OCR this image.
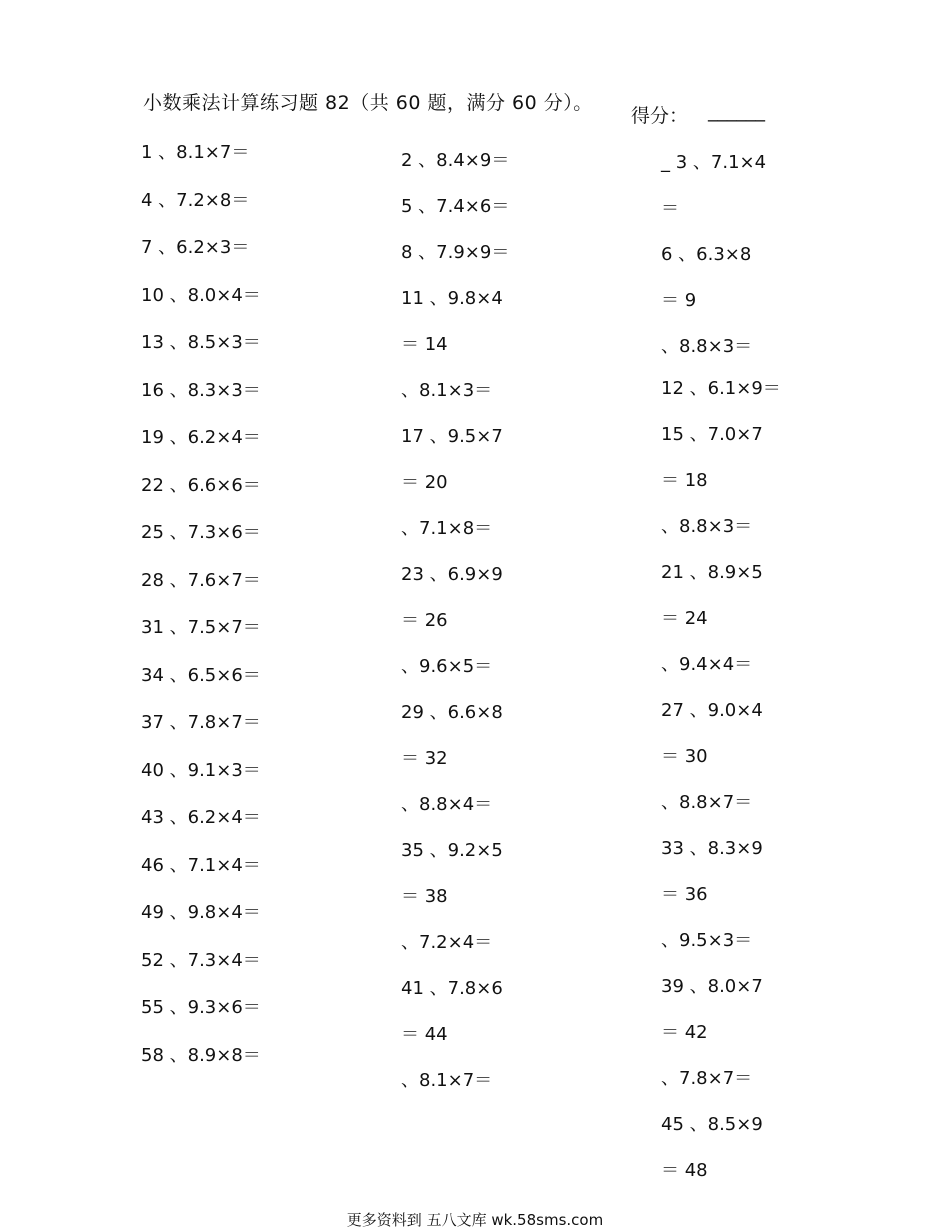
小数乘法计算练习题 82（共 60 题，满分 60 分）。
得分： ______
1 、8.1×7＝
4 、7.2×8＝
7 、6.2×3＝
10 、8.0×4＝
13 、8.5×3＝
16 、8.3×3＝
19 、6.2×4＝
22 、6.6×6＝
25 、7.3×6＝
28 、7.6×7＝
31 、7.5×7＝
34 、6.5×6＝
37 、7.8×7＝
40 、9.1×3＝
43 、6.2×4＝
46 、7.1×4＝
49 、9.8×4＝
52 、7.3×4＝
55 、9.3×6＝
58 、8.9×8＝
2 、8.4×9＝
5 、7.4×6＝
8 、7.9×9＝
11 、9.8×4
＝ 14
、8.1×3＝
17 、9.5×7
＝ 20
、7.1×8＝
23 、6.9×9
＝ 26
、9.6×5＝
29 、6.6×8
＝ 32
、8.8×4＝
35 、9.2×5
＝ 38
、7.2×4＝
41 、7.8×6
＝ 44
、8.1×7＝
_ 3 、7.1×4
＝
6 、6.3×8
＝ 9
、8.8×3＝
12 、6.1×9＝
15 、7.0×7
＝ 18
、8.8×3＝
21 、8.9×5
＝ 24
、9.4×4＝
27 、9.0×4
＝ 30
、8.8×7＝
33 、8.3×9
＝ 36
、9.5×3＝
39 、8.0×7
＝ 42
、7.8×7＝
45 、8.5×9
＝ 48
更多资料到 五八文库 wk.58sms.com
